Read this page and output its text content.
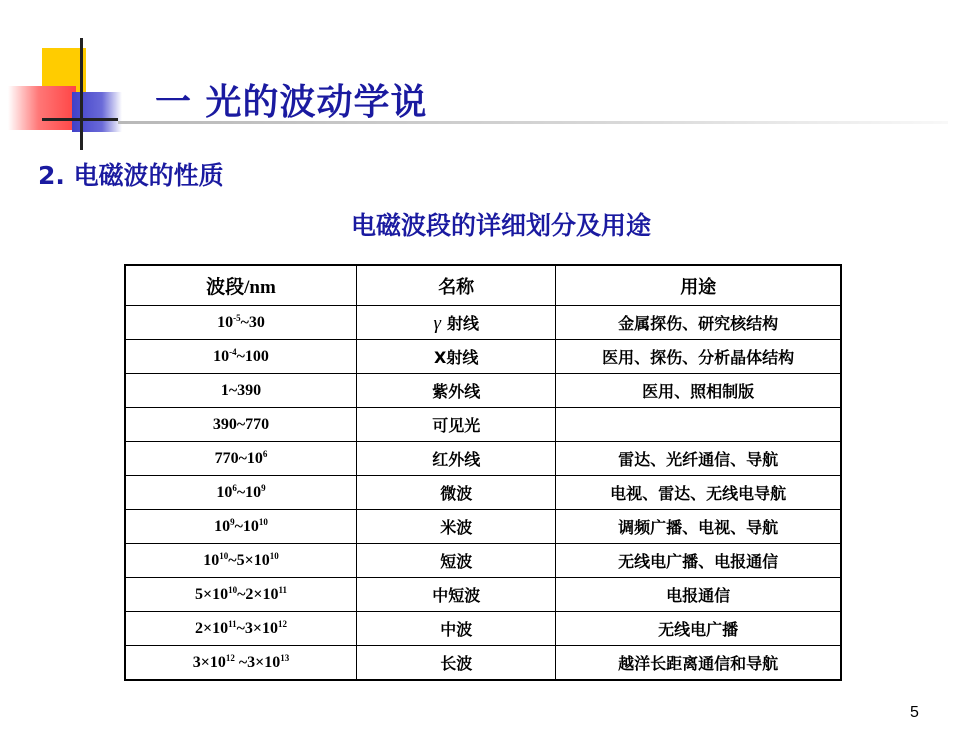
一 光的波动学说
2. 电磁波的性质
电磁波段的详细划分及用途
波段/nm	名称	用途
$10^{-5}\sim 30$	γ 射线	金属探伤、研究核结构
$10^{-4}\sim 100$	X射线	医用、探伤、分析晶体结构
1~390	紫外线	医用、照相制版
390~770	可见光	
$770\sim 10^6$	红外线	雷达、光纤通信、导航
$10^6\sim 10^9$	微波	电视、雷达、无线电导航
$10^9\sim 10^{10}$	米波	调频广播、电视、导航
$10^{10}\sim 5\times 10^{10}$	短波	无线电广播、电报通信
$5\times 10^{10}\sim 2\times 10^{11}$	中短波	电报通信
$2\times 10^{11}\sim 3\times 10^{12}$	中波	无线电广播
$3\times 10^{12}$ $\sim 3\times 10^{13}$	长波	越洋长距离通信和导航
5
